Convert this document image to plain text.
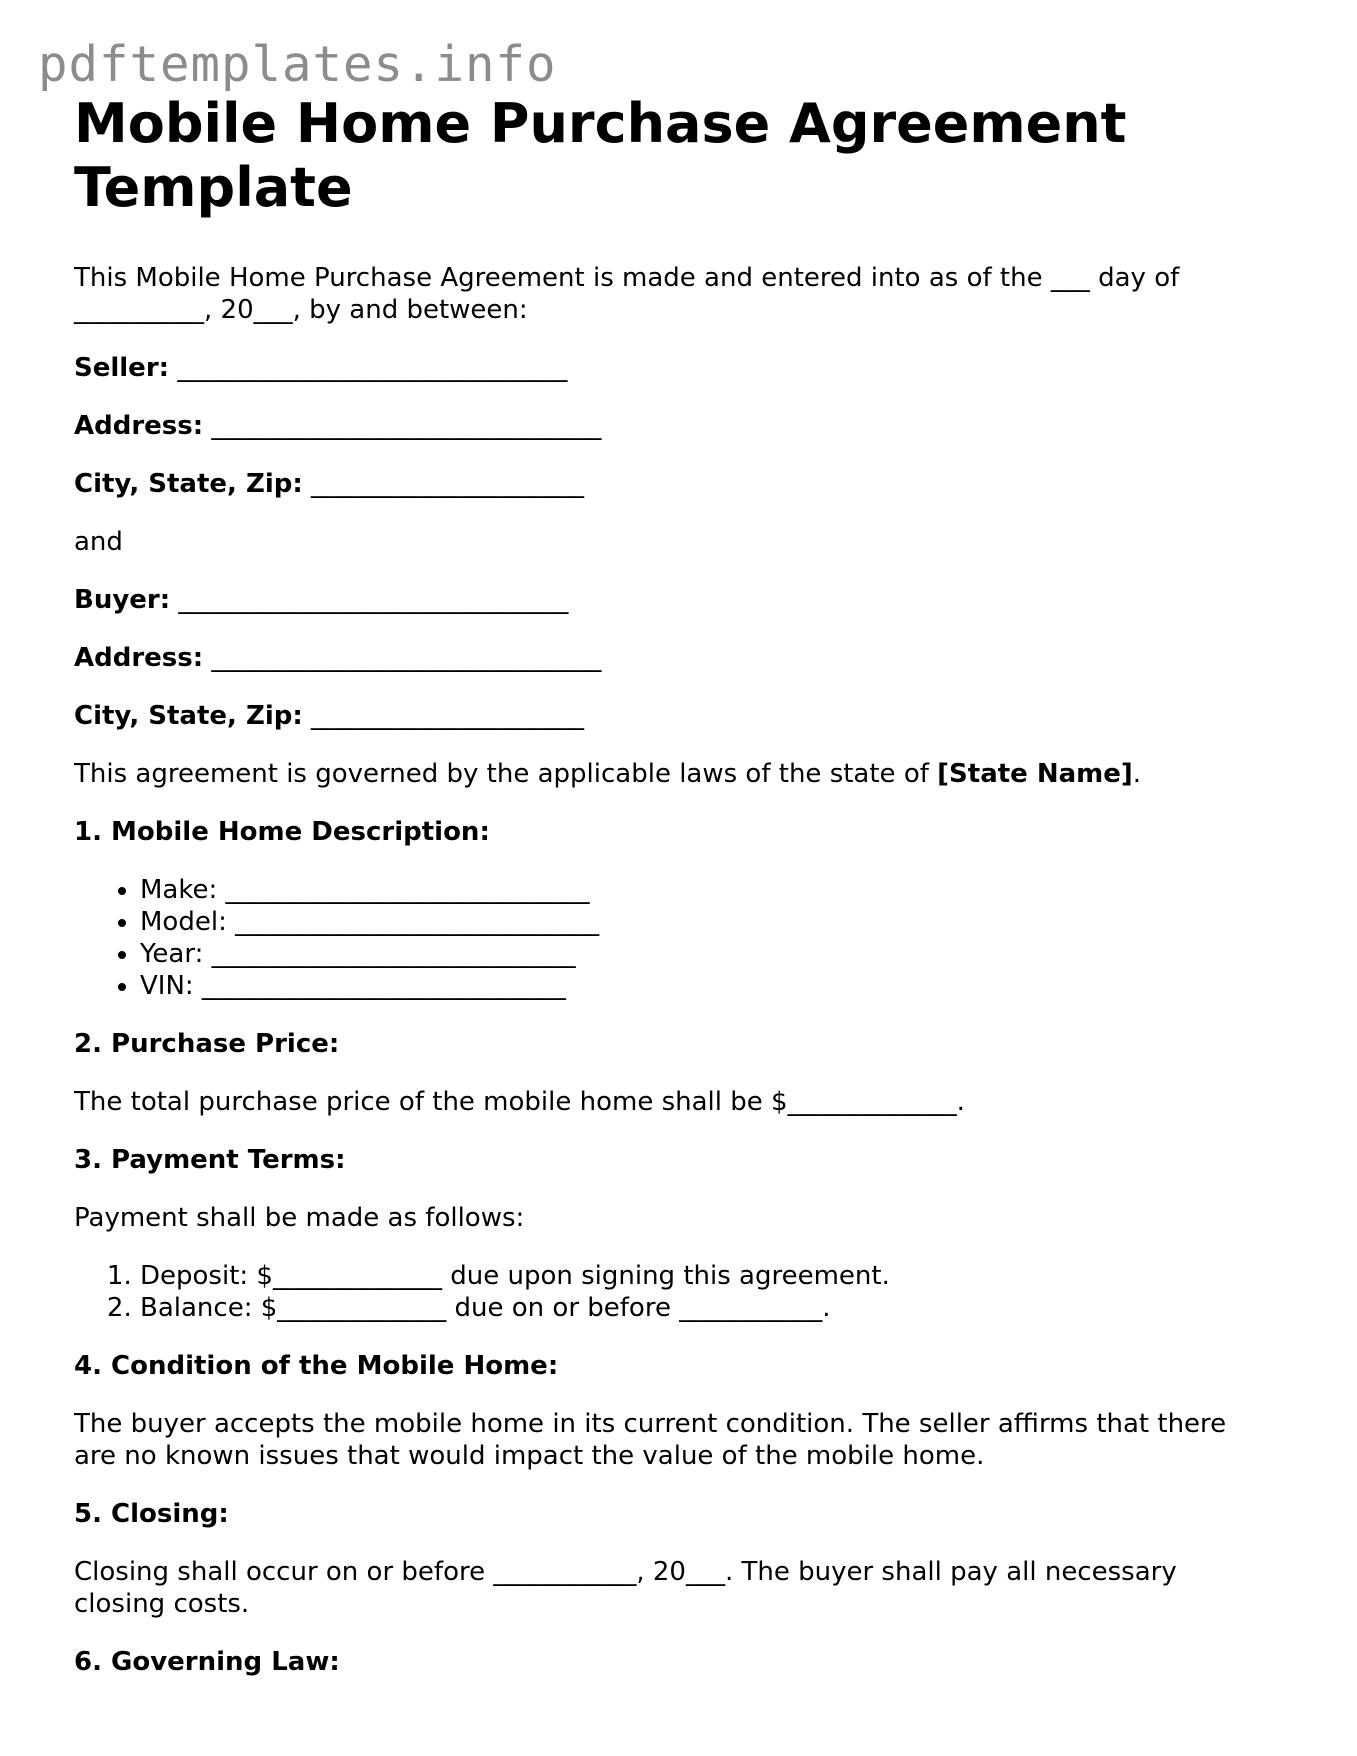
pdftemplates.info
Mobile Home Purchase Agreement Template

This Mobile Home Purchase Agreement is made and entered into as of the ___ day of
__________, 20___, by and between:

Seller: ______________________________

Address: ______________________________

City, State, Zip: _____________________

and

Buyer: ______________________________

Address: ______________________________

City, State, Zip: _____________________

This agreement is governed by the applicable laws of the state of [State Name].

1. Mobile Home Description:
• Make: ____________________________
• Model: ____________________________
• Year: ____________________________
• VIN: ____________________________
2. Purchase Price:

The total purchase price of the mobile home shall be $_____________.

3. Payment Terms:

Payment shall be made as follows:

1. Deposit: $_____________ due upon signing this agreement.
2. Balance: $_____________ due on or before ___________.
4. Condition of the Mobile Home:

The buyer accepts the mobile home in its current condition. The seller affirms that there
are no known issues that would impact the value of the mobile home.

5. Closing:

Closing shall occur on or before ___________, 20___. The buyer shall pay all necessary
closing costs.

6. Governing Law:
